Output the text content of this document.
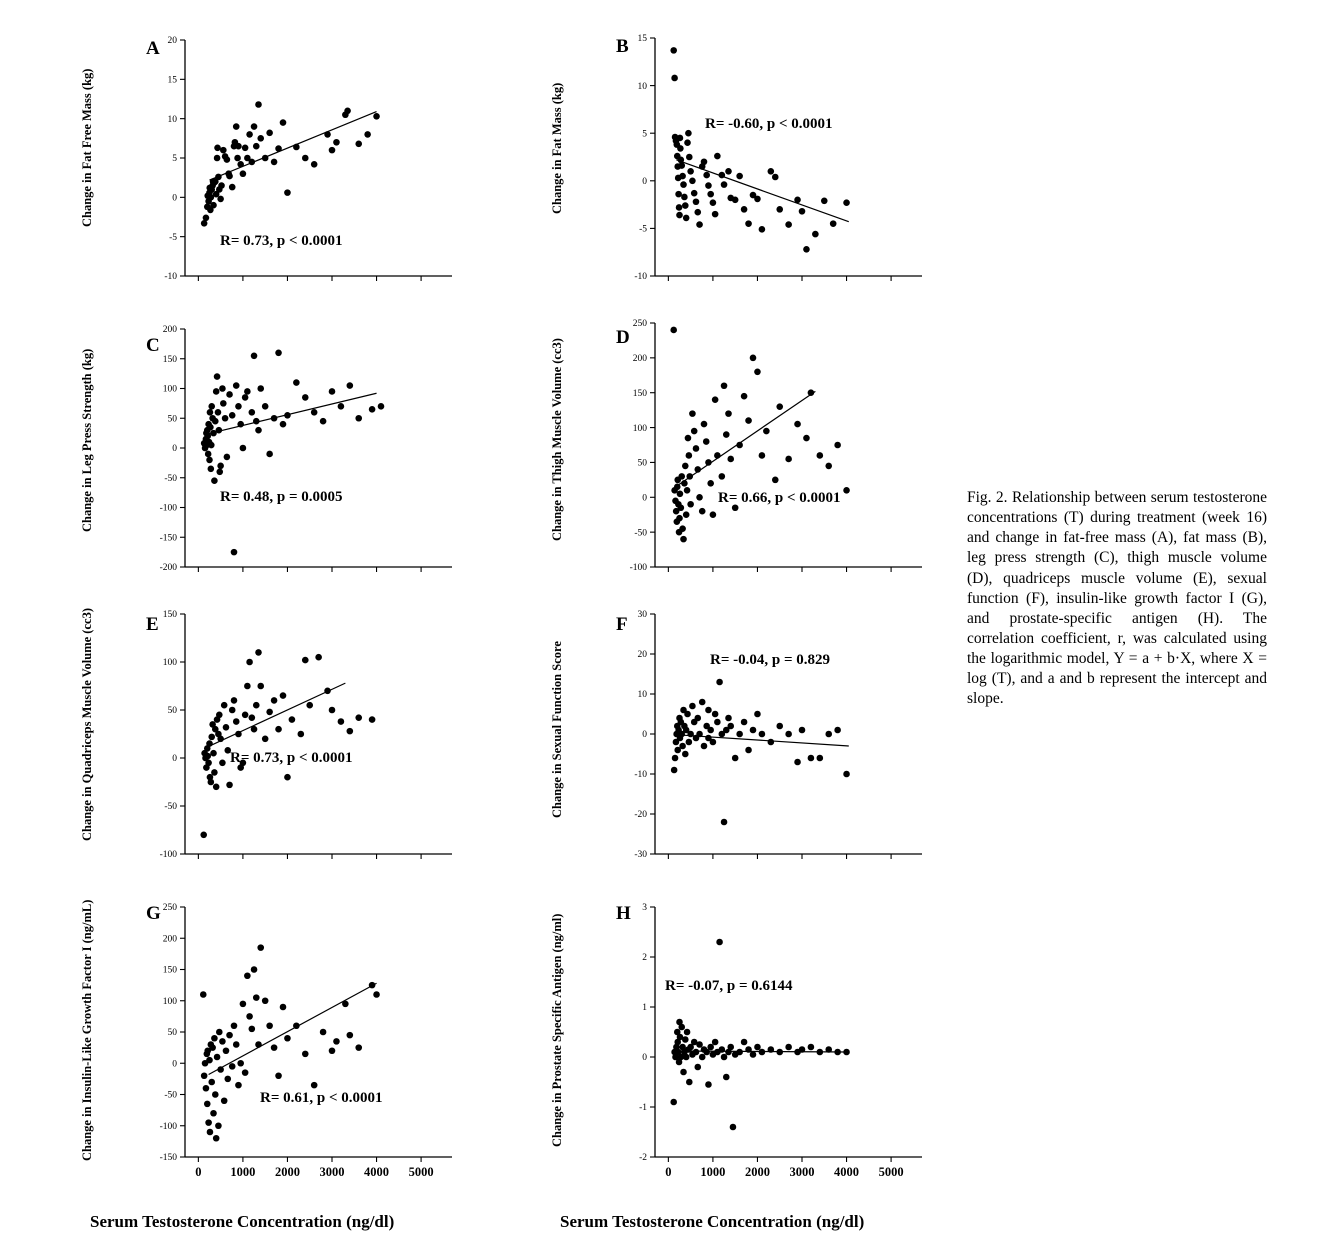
Change in Fat Free Mass (kg)
A
R= 0.73, p < 0.0001
-10
-5
0
5
10
15
20
Change in Fat Mass (kg)
B
R= -0.60, p < 0.0001
-10
-5
0
5
10
15
Change in Leg Press Strength (kg)
C
R= 0.48, p = 0.0005
-200
-150
-100
-50
0
50
100
150
200
Change in Thigh Muscle Volume (cc3)
D
R= 0.66, p < 0.0001
-100
-50
0
50
100
150
200
250
Change in Quadriceps Muscle Volume (cc3)	E
R= 0.73, p < 0.0001
-100
-50
0
50
100
150
Change in Sexual Function Score
F
R= -0.04, p = 0.829
-30
-20
-10
0
10
20
30
Change in Insulin-Like Growth Factor I (ng/mL)	G
R= 0.61, p < 0.0001
-150
-100
-50
0
50
100
150
200
250
0 1000 2000 3000 4000 5000
Change in Prostate Specific Antigen (ng/ml)	H
R= -0.07, p = 0.6144
-2
-1
0
1
2
3
0 1000 2000 3000 4000 5000
Serum Testosterone Concentration (ng/dl)	Serum Testosterone Concentration (ng/dl)
Fig. 2. Relationship between serum testosterone concentrations (T) during treatment (week 16) and change in fat-free mass (A), fat mass (B), leg press strength (C), thigh muscle volume (D), quadriceps muscle volume (E), sexual function (F), insulin-like growth factor I (G), and prostate-specific antigen (H). The correlation coefficient, r, was calculated using the logarithmic model, Y = a + b·X, where X = log (T), and a and b represent the intercept and slope.
